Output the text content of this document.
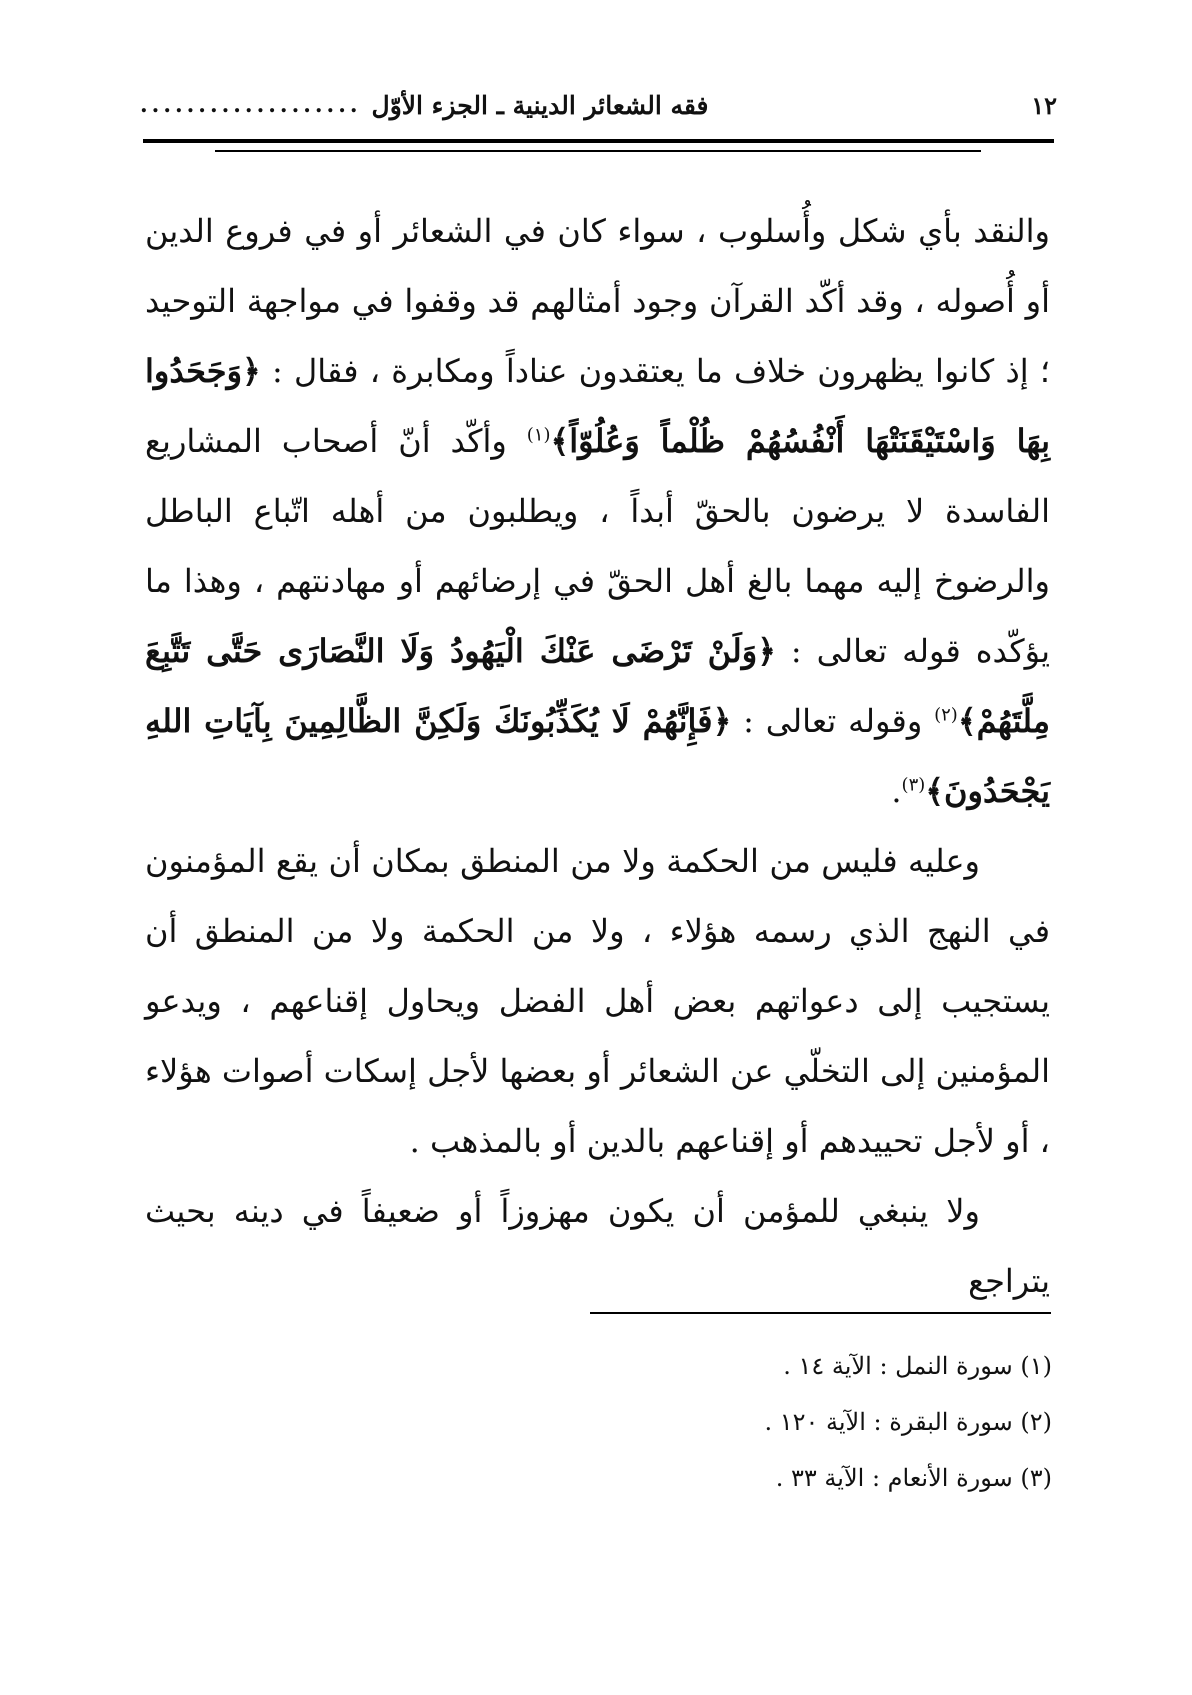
١٢
فقه الشعائر الدينية ـ الجزء الأوّل
...................

والنقد بأي شكل وأُسلوب ، سواء كان في الشعائر أو في فروع الدين أو أُصوله ، وقد أكّد القرآن وجود أمثالهم قد وقفوا في مواجهة التوحيد ؛ إذ كانوا يظهرون خلاف ما يعتقدون عناداً ومكابرة ، فقال : ﴿وَجَحَدُوا بِهَا وَاسْتَيْقَنَتْهَا أَنْفُسُهُمْ ظُلْماً وَعُلُوّاً﴾$^{(١)}$ وأكّد أنّ أصحاب المشاريع الفاسدة لا يرضون بالحقّ أبداً ، ويطلبون من أهله اتّباع الباطل والرضوخ إليه مهما بالغ أهل الحقّ في إرضائهم أو مهادنتهم ، وهذا ما يؤكّده قوله تعالى : ﴿وَلَنْ تَرْضَى عَنْكَ الْيَهُودُ وَلَا النَّصَارَى حَتَّى تَتَّبِعَ مِلَّتَهُمْ﴾$^{(٢)}$ وقوله تعالى : ﴿فَإِنَّهُمْ لَا يُكَذِّبُونَكَ وَلَكِنَّ الظَّالِمِينَ بِآيَاتِ اللهِ يَجْحَدُونَ﴾$^{(٣)}$.

وعليه فليس من الحكمة ولا من المنطق بمكان أن يقع المؤمنون في النهج الذي رسمه هؤلاء ، ولا من الحكمة ولا من المنطق أن يستجيب إلى دعواتهم بعض أهل الفضل ويحاول إقناعهم ، ويدعو المؤمنين إلى التخلّي عن الشعائر أو بعضها لأجل إسكات أصوات هؤلاء ، أو لأجل تحييدهم أو إقناعهم بالدين أو بالمذهب .

ولا ينبغي للمؤمن أن يكون مهزوزاً أو ضعيفاً في دينه بحيث يتراجع

(١) سورة النمل : الآية ١٤ .
(٢) سورة البقرة : الآية ١٢٠ .
(٣) سورة الأنعام : الآية ٣٣ .
